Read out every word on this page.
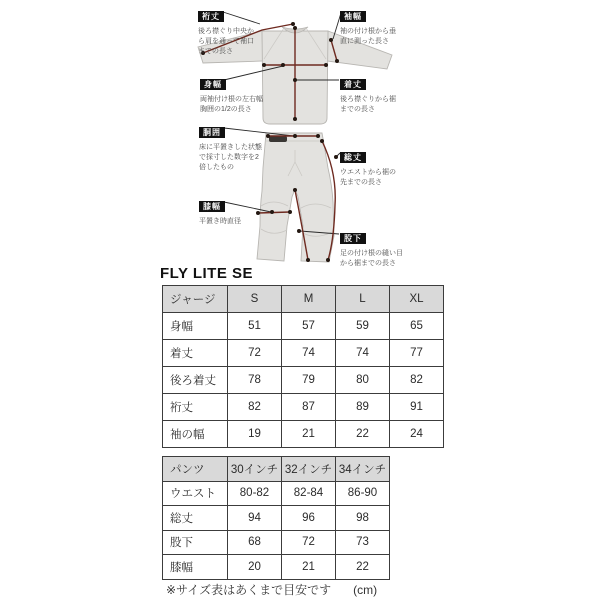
裄丈
後ろ襟ぐり中央から肩を通って袖口までの長さ
袖幅
袖の付け根から垂直に測った長さ
身幅
両袖付け根の左右幅胸囲の1/2の長さ
着丈
後ろ襟ぐりから裾までの長さ
胴囲
床に平置きした状態で採寸した数字を2倍したもの
総丈
ウエストから裾の先までの長さ
膝幅
平置き時直径
股下
足の付け根の縫い目から裾までの長さ
FLY LITE SE
ジャージ	S	M	L	XL
身幅	51	57	59	65
着丈	72	74	74	77
後ろ着丈	78	79	80	82
裄丈	82	87	89	91
袖の幅	19	21	22	24
パンツ	30インチ	32インチ	34インチ
ウエスト	80-82	82-84	86-90
総丈	94	96	98
股下	68	72	73
膝幅	20	21	22
※サイズ表はあくまで目安です (cm)
